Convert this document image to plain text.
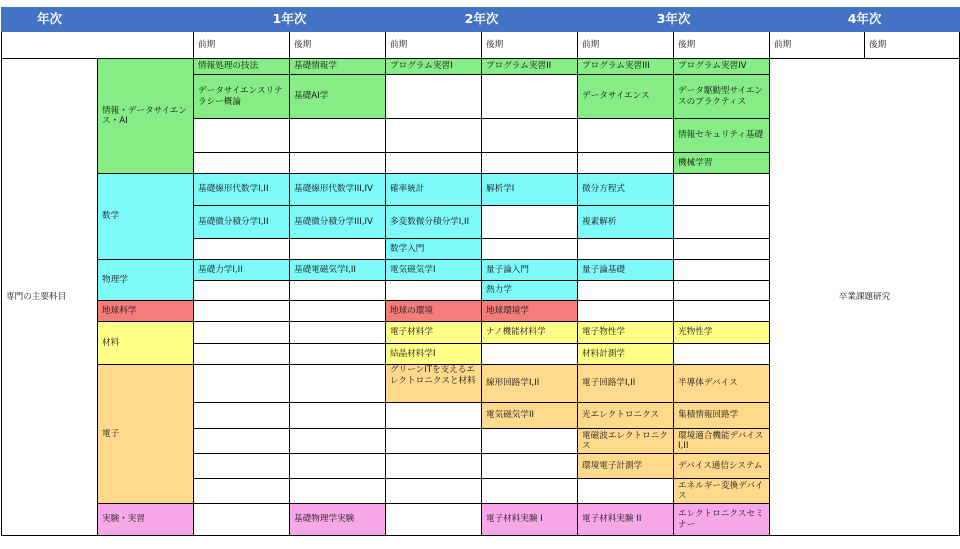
年次		1年次		2年次		3年次		4年次	
		前期	後期	前期	後期	前期	後期	前期	後期
専門の主要科目	情報・データサイエンス・AI	情報処理の技法	基礎情報学	プログラム実習I	プログラム実習II	プログラム実習III	プログラム実習IV	卒業課題研究	
		データサイエンスリテラシー概論	基礎AI学			データサイエンス	データ駆動型サイエンスのプラクティス		
							情報セキュリティ基礎		
							機械学習		
	数学	基礎線形代数学I,II	基礎線形代数学III,IV	確率統計	解析学I	微分方程式			
		基礎微分積分学I,II	基礎微分積分学III,IV	多変数微分積分学I,II		複素解析			
				数学入門					
	物理学	基礎力学I,II	基礎電磁気学I,II	電気磁気学I	量子論入門	量子論基礎			
					熱力学				
	地球科学			地球の環境	地球環境学				
	材料			電子材料学	ナノ機能材料学	電子物性学	光物性学		
				結晶材料学I		材料計測学			
	電子			グリーンITを支えるエレクトロニクスと材料	線形回路学I,II	電子回路学I,II	半導体デバイス		
					電気磁気学II	光エレクトロニクス	集積情報回路学		
						電磁波エレクトロニクス	環境適合機能デバイスI,II		
						環境電子計測学	デバイス通信システム		
							エネルギー変換デバイス		
	実験・実習		基礎物理学実験		電子材料実験 I	電子材料実験 II	エレクトロニクスセミナー		
